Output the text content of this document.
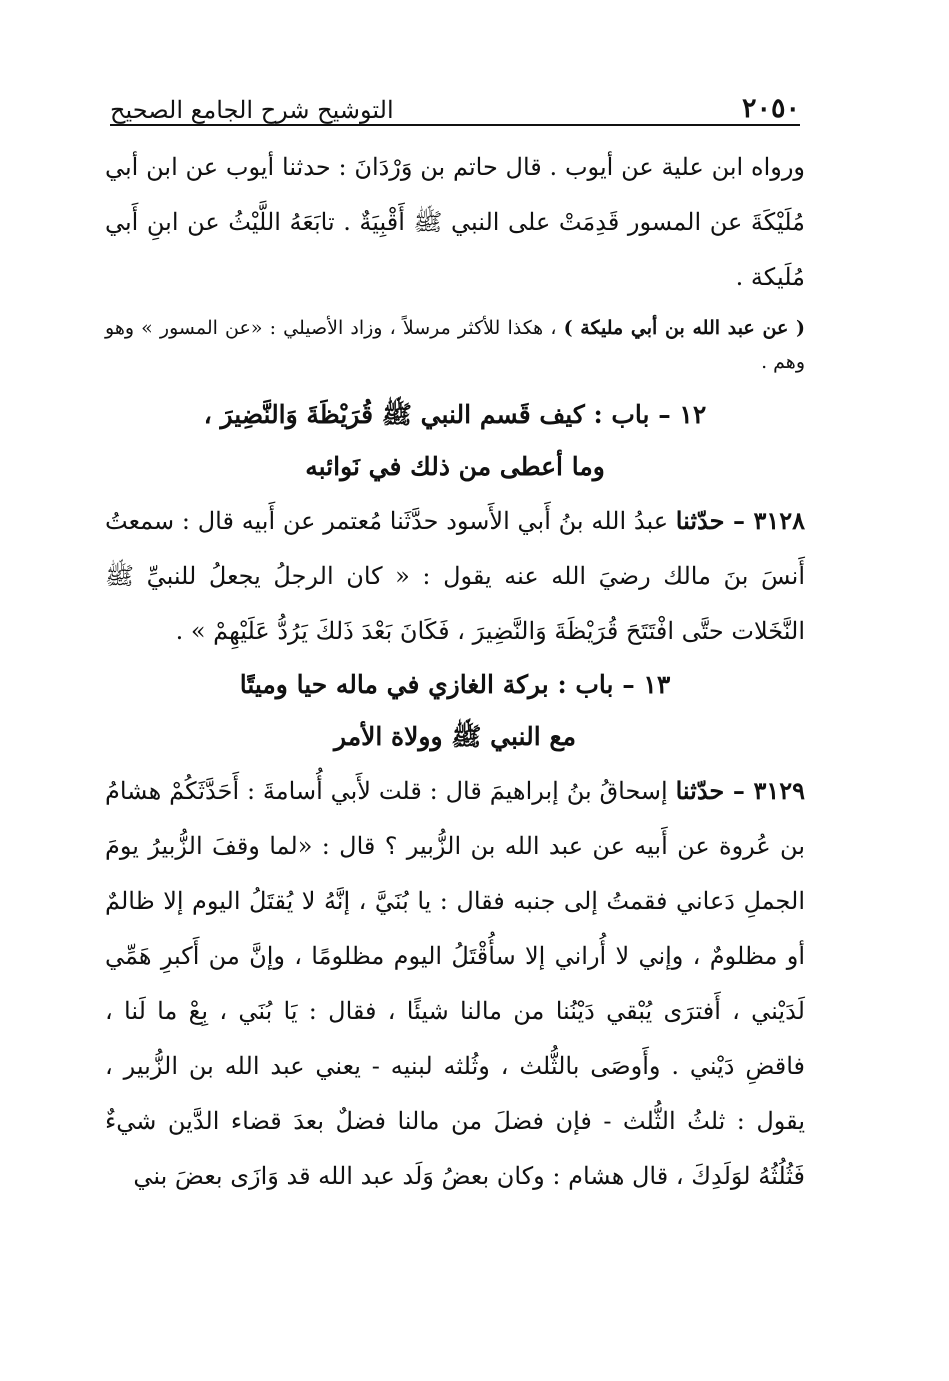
٢٠٥٠
التوشيح شرح الجامع الصحيح

ورواه ابن علية عن أيوب . قال حاتم بن وَرْدَانَ : حدثنا أيوب عن ابن أبي مُلَيْكَةَ عن المسور قَدِمَتْ على النبي ﷺ أَقْبِيَةٌ . تابَعَهُ اللَّيْثُ عن ابنِ أَبي مُلَيكة .

( عن عبد الله بن أبي مليكة ) ، هكذا للأكثر مرسلاً ، وزاد الأصيلي : «عن المسور » وهو وهم .

١٢ – باب : كيف قَسم النبي ﷺ قُرَيْظَةَ وَالنَّضِيرَ ،

وما أعطى من ذلك في نَوائبه

٣١٢٨ – حدّثنا عبدُ الله بنُ أَبي الأَسود حدَّثَنا مُعتمر عن أَبيه قال : سمعتُ أَنسَ بنَ مالك رضيَ الله عنه يقول : « كان الرجلُ يجعلُ للنبيِّ ﷺ النَّخَلات حتَّى افْتَتَحَ قُرَيْظَةَ وَالنَّضِيرَ ، فَكَانَ بَعْدَ ذَلكَ يَرُدُّ عَلَيْهِمْ » .

١٣ – باب : بركة الغازي في ماله حيا وميتًا

مع النبي ﷺ وولاة الأمر

٣١٢٩ – حدّثنا إسحاقُ بنُ إبراهيمَ قال : قلت لأَبي أُسامةَ : أَحَدَّثَكُمْ هشامُ بن عُروة عن أَبيه عن عبد الله بن الزُّبير ؟ قال : «لما وقفَ الزُّبيرُ يومَ الجملِ دَعاني فقمتُ إلى جنبه فقال : يا بُنَيَّ ، إنَّهُ لا يُقتَلُ اليوم إلا ظالمٌ أو مظلومٌ ، وإني لا أُراني إلا سأُقْتَلُ اليوم مظلومًا ، وإنَّ من أَكبرِ هَمِّي لَدَيْني ، أَفترَى يُبْقي دَيْنُنا من مالنا شيئًا ، فقال : يَا بُنَي ، بِعْ ما لَنا ، فاقضِ دَيْني . وأَوصَى بالثُّلث ، وثُلثه لبنيه - يعني عبد الله بن الزُّبير ، يقول : ثلثُ الثُّلث - فإن فضلَ من مالنا فضلٌ بعدَ قضاء الدَّين شيءٌ فَثُلُثُهُ لوَلَدِكَ ، قال هشام : وكان بعضُ وَلَد عبد الله قد وَازَى بعضَ بني
